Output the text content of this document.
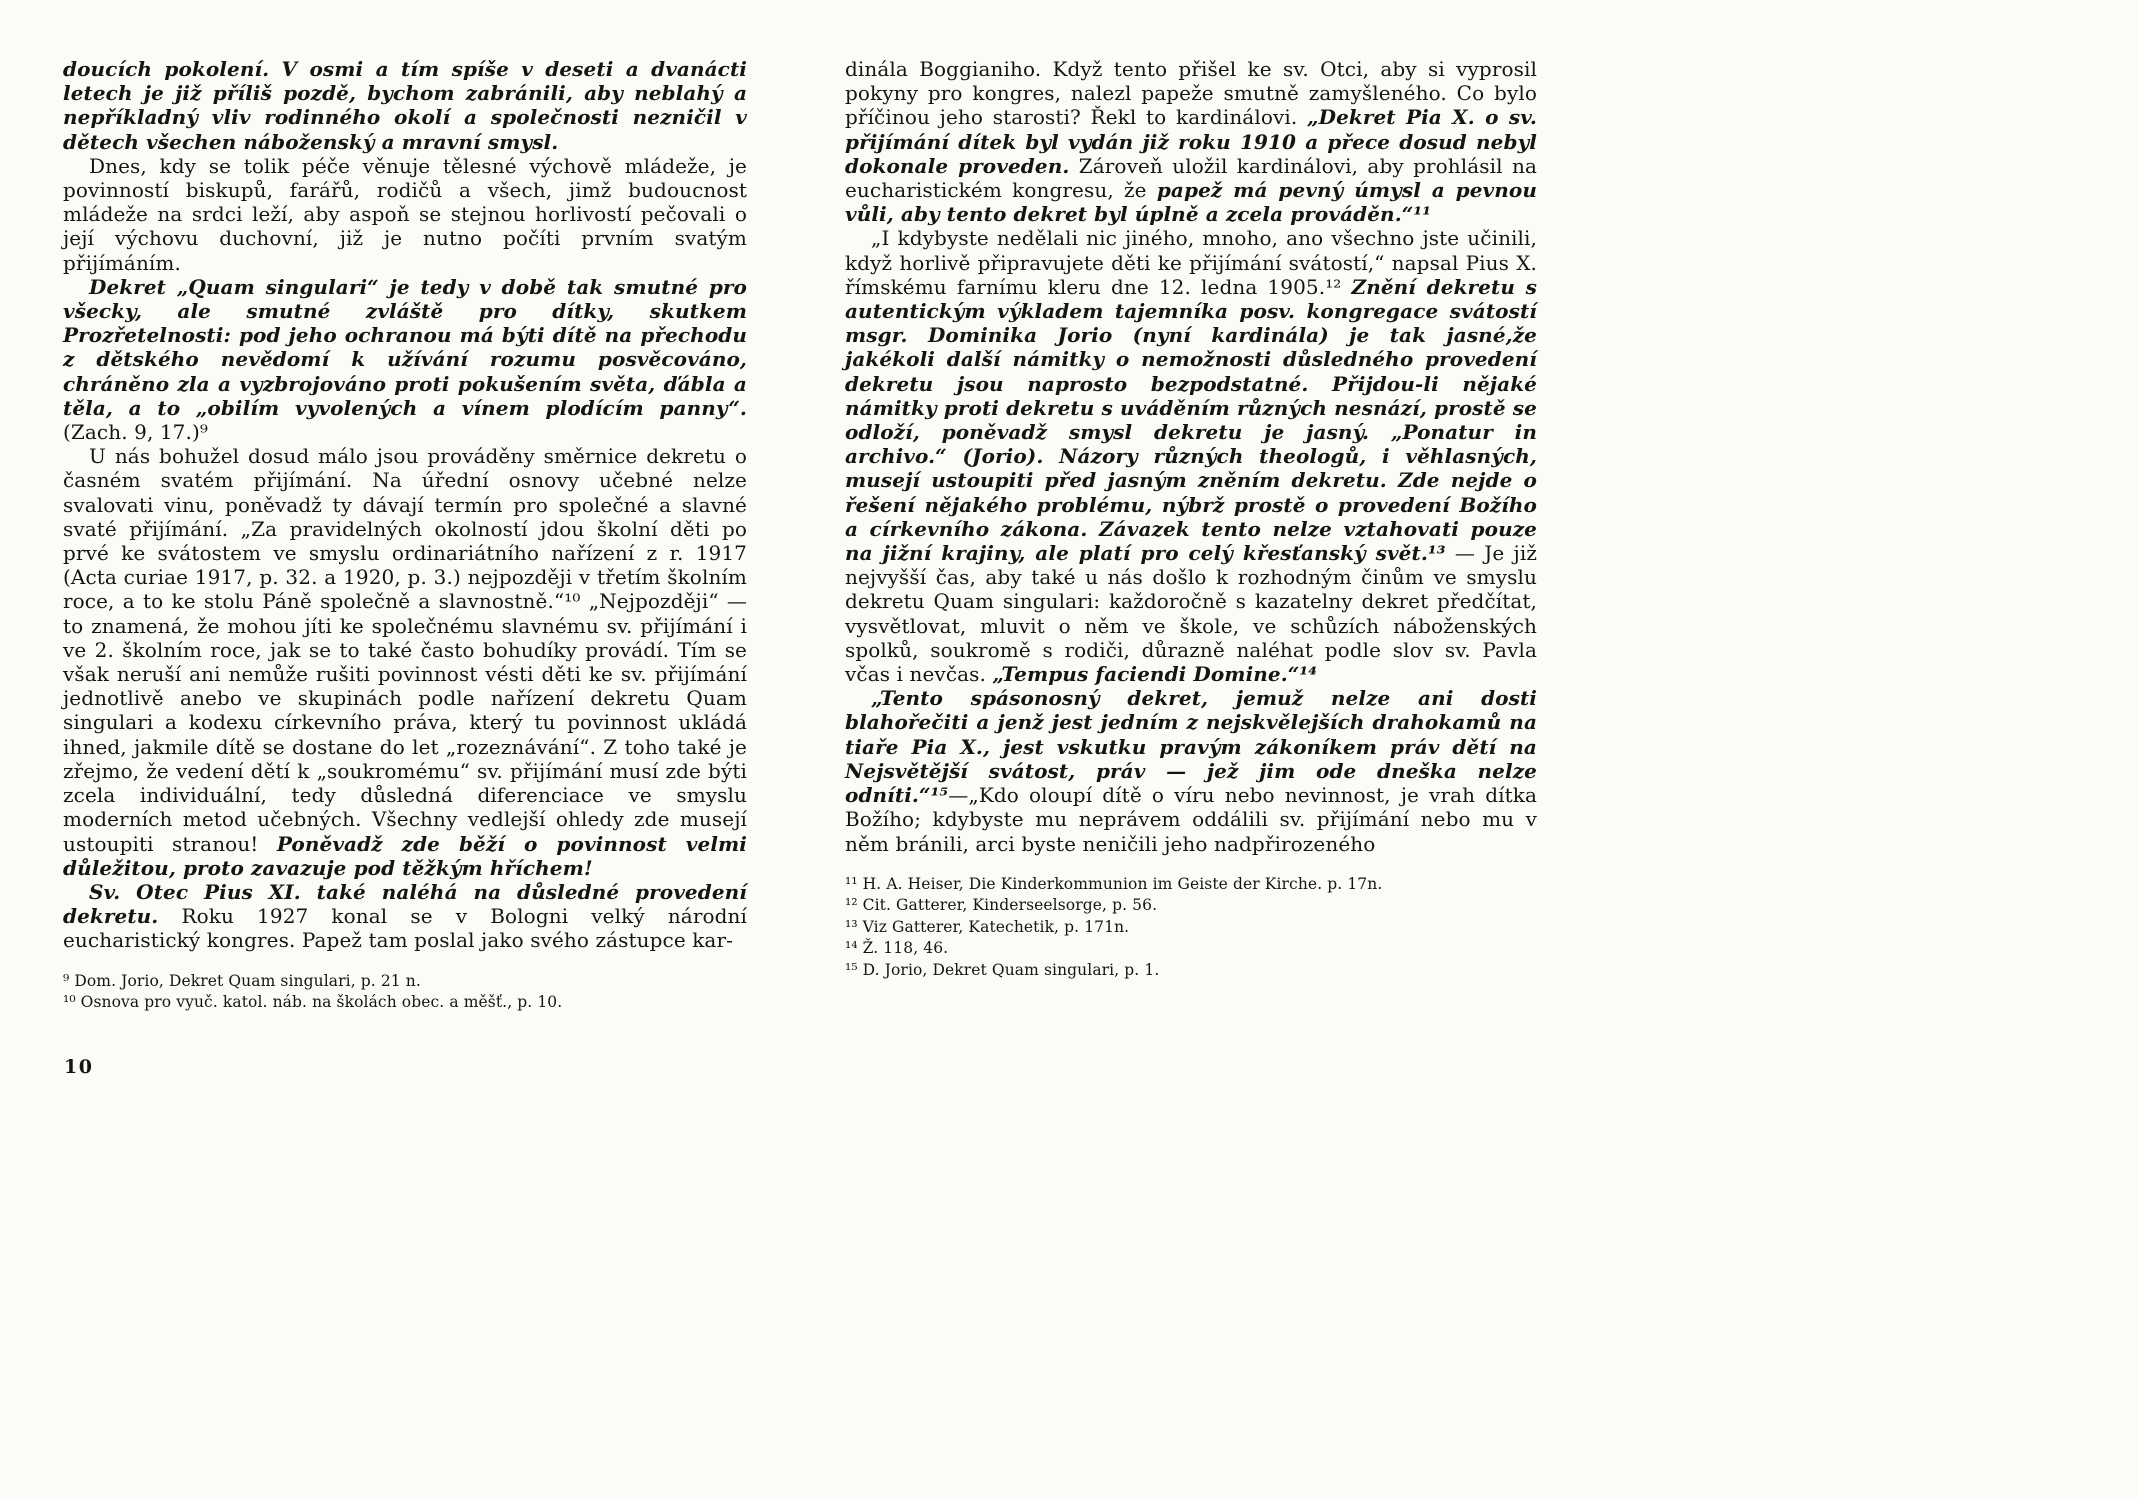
doucích pokolení. V osmi a tím spíše v deseti a dvanácti letech je již příliš pozdě, bychom zabránili, aby neblahý a nepříkladný vliv rodinného okolí a společnosti nezničil v dětech všechen náboženský a mravní smysl.

Dnes, kdy se tolik péče věnuje tělesné výchově mládeže, je povinností biskupů, farářů, rodičů a všech, jimž budoucnost mládeže na srdci leží, aby aspoň se stejnou horlivostí pečovali o její výchovu duchovní, již je nutno počíti prvním svatým přijímáním.

Dekret „Quam singulari“ je tedy v době tak smutné pro všecky, ale smutné zvláště pro dítky, skutkem Prozřetelnosti: pod jeho ochranou má býti dítě na přechodu z dětského nevědomí k užívání rozumu posvěcováno, chráněno zla a vyzbrojováno proti pokušením světa, ďábla a těla, a to „obilím vyvolených a vínem plodícím panny“. (Zach. 9, 17.)⁹

U nás bohužel dosud málo jsou prováděny směrnice dekretu o časném svatém přijímání. Na úřední osnovy učebné nelze svalovati vinu, poněvadž ty dávají termín pro společné a slavné svaté přijímání. „Za pravidelných okolností jdou školní děti po prvé ke svátostem ve smyslu ordinariátního nařízení z r. 1917 (Acta curiae 1917, p. 32. a 1920, p. 3.) nejpozději v třetím školním roce, a to ke stolu Páně společně a slavnostně.“¹⁰ „Nejpozději“ — to znamená, že mohou jíti ke společnému slavnému sv. přijímání i ve 2. školním roce, jak se to také často bohudíky provádí. Tím se však neruší ani nemůže rušiti povinnost vésti děti ke sv. přijímání jednotlivě anebo ve skupinách podle nařízení dekretu Quam singulari a kodexu církevního práva, který tu povinnost ukládá ihned, jakmile dítě se dostane do let „rozeznávání“. Z toho také je zřejmo, že vedení dětí k „soukromému“ sv. přijímání musí zde býti zcela individuální, tedy důsledná diferenciace ve smyslu moderních metod učebných. Všechny vedlejší ohledy zde musejí ustoupiti stranou! Poněvadž zde běží o povinnost velmi důležitou, proto zavazuje pod těžkým hříchem!

Sv. Otec Pius XI. také naléhá na důsledné provedení dekretu. Roku 1927 konal se v Bologni velký národní eucharistický kongres. Papež tam poslal jako svého zástupce kar-

⁹ Dom. Jorio, Dekret Quam singulari, p. 21 n.
¹⁰ Osnova pro vyuč. katol. náb. na školách obec. a měšť., p. 10.

dinála Boggianiho. Když tento přišel ke sv. Otci, aby si vyprosil pokyny pro kongres, nalezl papeže smutně zamyšleného. Co bylo příčinou jeho starosti? Řekl to kardinálovi. „Dekret Pia X. o sv. přijímání dítek byl vydán již roku 1910 a přece dosud nebyl dokonale proveden. Zároveň uložil kardinálovi, aby prohlásil na eucharistickém kongresu, že papež má pevný úmysl a pevnou vůli, aby tento dekret byl úplně a zcela prováděn.“¹¹

„I kdybyste nedělali nic jiného, mnoho, ano všechno jste učinili, když horlivě připravujete děti ke přijímání svátostí,“ napsal Pius X. římskému farnímu kleru dne 12. ledna 1905.¹² Znění dekretu s autentickým výkladem tajemníka posv. kongregace svátostí msgr. Dominika Jorio (nyní kardinála) je tak jasné,že jakékoli další námitky o nemožnosti důsledného provedení dekretu jsou naprosto bezpodstatné. Přijdou-li nějaké námitky proti dekretu s uváděním různých nesnází, prostě se odloží, poněvadž smysl dekretu je jasný. „Ponatur in archivo.“ (Jorio). Názory různých theologů, i věhlasných, musejí ustoupiti před jasným zněním dekretu. Zde nejde o řešení nějakého problému, nýbrž prostě o provedení Božího a církevního zákona. Závazek tento nelze vztahovati pouze na jižní krajiny, ale platí pro celý křesťanský svět.¹³ — Je již nejvyšší čas, aby také u nás došlo k rozhodným činům ve smyslu dekretu Quam singulari: každoročně s kazatelny dekret předčítat, vysvětlovat, mluvit o něm ve škole, ve schůzích náboženských spolků, soukromě s rodiči, důrazně naléhat podle slov sv. Pavla včas i nevčas. „Tempus faciendi Domine.“¹⁴

„Tento spásonosný dekret, jemuž nelze ani dosti blahořečiti a jenž jest jedním z nejskvělejších drahokamů na tiaře Pia X., jest vskutku pravým zákoníkem práv dětí na Nejsvětější svátost, práv — jež jim ode dneška nelze odníti.“¹⁵—„Kdo oloupí dítě o víru nebo nevinnost, je vrah dítka Božího; kdybyste mu neprávem oddálili sv. přijímání nebo mu v něm bránili, arci byste neničili jeho nadpřirozeného

¹¹ H. A. Heiser, Die Kinderkommunion im Geiste der Kirche. p. 17n.
¹² Cit. Gatterer, Kinderseelsorge, p. 56.
¹³ Viz Gatterer, Katechetik, p. 171n.
¹⁴ Ž. 118, 46.
¹⁵ D. Jorio, Dekret Quam singulari, p. 1.
10
